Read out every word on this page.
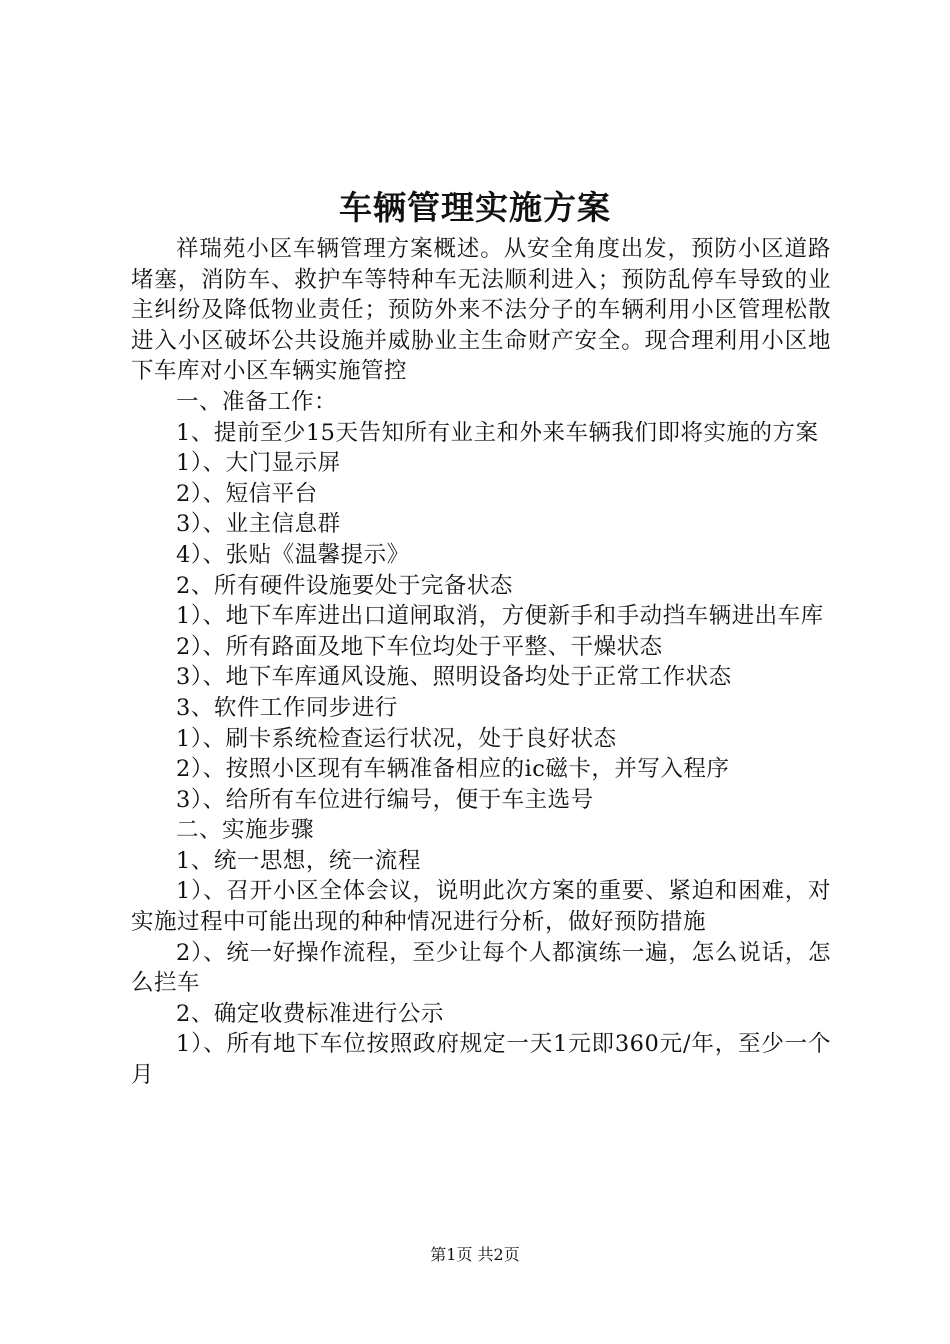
车辆管理实施方案

祥瑞苑小区车辆管理方案概述。从安全角度出发，预防小区道路堵塞，消防车、救护车等特种车无法顺利进入；预防乱停车导致的业主纠纷及降低物业责任；预防外来不法分子的车辆利用小区管理松散进入小区破坏公共设施并威胁业主生命财产安全。现合理利用小区地下车库对小区车辆实施管控

一、准备工作：

1、提前至少15天告知所有业主和外来车辆我们即将实施的方案

1）、大门显示屏

2）、短信平台

3）、业主信息群

4）、张贴《温馨提示》

2、所有硬件设施要处于完备状态

1）、地下车库进出口道闸取消，方便新手和手动挡车辆进出车库

2）、所有路面及地下车位均处于平整、干燥状态

3）、地下车库通风设施、照明设备均处于正常工作状态

3、软件工作同步进行

1）、刷卡系统检查运行状况，处于良好状态

2）、按照小区现有车辆准备相应的ic磁卡，并写入程序

3）、给所有车位进行编号，便于车主选号

二、实施步骤

1、统一思想，统一流程

1）、召开小区全体会议，说明此次方案的重要、紧迫和困难，对实施过程中可能出现的种种情况进行分析，做好预防措施

2）、统一好操作流程，至少让每个人都演练一遍，怎么说话，怎么拦车

2、确定收费标准进行公示

1）、所有地下车位按照政府规定一天1元即360元/年，至少一个月

第1页 共2页
